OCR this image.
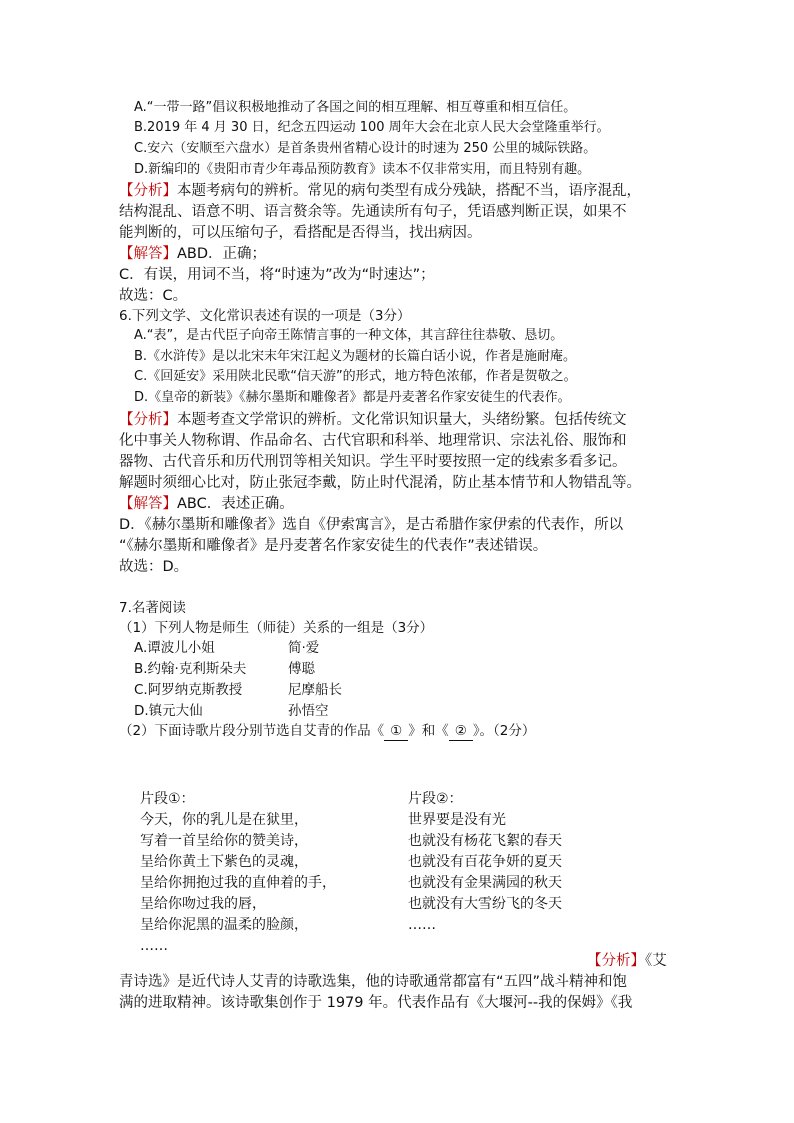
A.“一带一路”倡议积极地推动了各国之间的相互理解、相互尊重和相互信任。
B.2019 年 4 月 30 日，纪念五四运动 100 周年大会在北京人民大会堂隆重举行。
C.安六（安顺至六盘水）是首条贵州省精心设计的时速为 250 公里的城际铁路。
D.新编印的《贵阳市青少年毒品预防教育》读本不仅非常实用，而且特别有趣。
【分析】本题考病句的辨析。常见的病句类型有成分残缺，搭配不当，语序混乱，
结构混乱、语意不明、语言赘余等。先通读所有句子，凭语感判断正误，如果不
能判断的，可以压缩句子，看搭配是否得当，找出病因。
【解答】ABD．正确；
C．有误，用词不当，将“时速为”改为“时速达”；
故选：C。
6.下列文学、文化常识表述有误的一项是（3分）
A.“表”，是古代臣子向帝王陈情言事的一种文体，其言辞往往恭敬、恳切。
B.《水浒传》是以北宋末年宋江起义为题材的长篇白话小说，作者是施耐庵。
C.《回延安》采用陕北民歌“信天游”的形式，地方特色浓郁，作者是贺敬之。
D.《皇帝的新装》《赫尔墨斯和雕像者》都是丹麦著名作家安徒生的代表作。
【分析】本题考查文学常识的辨析。文化常识知识量大，头绪纷繁。包括传统文
化中事关人物称谓、作品命名、古代官职和科举、地理常识、宗法礼俗、服饰和
器物、古代音乐和历代刑罚等相关知识。学生平时要按照一定的线索多看多记。
解题时须细心比对，防止张冠李戴，防止时代混淆，防止基本情节和人物错乱等。
【解答】ABC．表述正确。
D．《赫尔墨斯和雕像者》选自《伊索寓言》，是古希腊作家伊索的代表作，所以
“《赫尔墨斯和雕像者》是丹麦著名作家安徒生的代表作”表述错误。
故选：D。
7.名著阅读
（1）下列人物是师生（师徒）关系的一组是（3分）
A.谭波儿小姐	简·爱
B.约翰·克利斯朵夫	傅聪
C.阿罗纳克斯教授	尼摩船长
D.镇元大仙	孙悟空
（2）下面诗歌片段分别节选自艾青的作品《 ① 》和《 ② 》。（2分）
片段①：
今天，你的乳儿是在狱里，
写着一首呈给你的赞美诗，
呈给你黄土下紫色的灵魂，
呈给你拥抱过我的直伸着的手，
呈给你吻过我的唇，
呈给你泥黑的温柔的脸颜，
……
片段②：
世界要是没有光
也就没有杨花飞絮的春天
也就没有百花争妍的夏天
也就没有金果满园的秋天
也就没有大雪纷飞的冬天
……
【分析】《艾
青诗选》是近代诗人艾青的诗歌选集，他的诗歌通常都富有“五四”战斗精神和饱
满的进取精神。该诗歌集创作于 1979 年。代表作品有《大堰河--我的保姆》《我
